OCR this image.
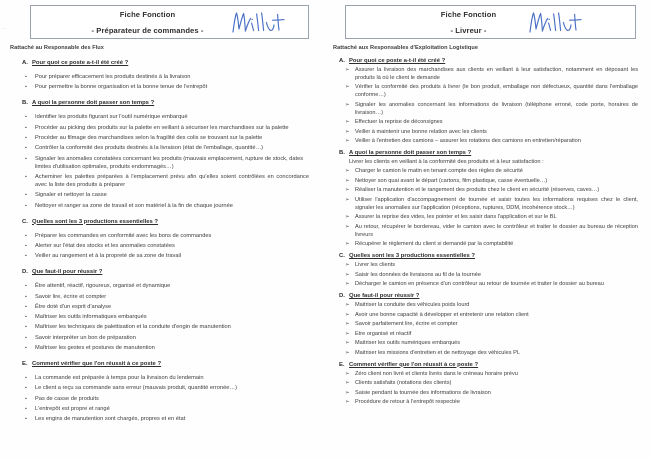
Fiche Fonction
- Préparateur de commandes -
Rattaché au Responsable des Flux
A. Pour quoi ce poste a-t-il été créé ?
▪	Pour préparer efficacement les produits destinés à la livraison
▪	Pour permettre la bonne organisation et la bonne tenue de l'entrepôt
B. A quoi la personne doit passer son temps ?
▪	Identifier les produits figurant sur l'outil numérique embarqué
▪	Procéder au picking des produits sur la palette en veillant à sécuriser les marchandises sur la palette
▪	Procéder au filmage des marchandises selon la fragilité des colis se trouvant sur la palette
▪	Contrôler la conformité des produits destinés à la livraison (état de l'emballage, quantité…)
▪	Signaler les anomalies constatées concernant les produits (mauvais emplacement, rupture de stock, dates limites d'utilisation optimales, produits endommagés…)
▪	Acheminer les palettes préparées à l'emplacement prévu afin qu'elles soient contrôlées en concordance avec la liste des produits à préparer
▪	Signaler et nettoyer la casse
▪	Nettoyer et ranger sa zone de travail et son matériel à la fin de chaque journée
C. Quelles sont les 3 productions essentielles ?
▪	Préparer les commandes en conformité avec les bons de commandes
▪	Alerter sur l'état des stocks et les anomalies constatées
▪	Veiller au rangement et à la propreté de sa zone de travail
D. Que faut-il pour réussir ?
▪	Être attentif, réactif, rigoureux, organisé et dynamique
▪	Savoir lire, écrire et compter
▪	Être doté d'un esprit d'analyse
▪	Maîtriser les outils informatiques embarqués
▪	Maîtriser les techniques de palettisation et la conduite d'engin de manutention
▪	Savoir interpréter un bon de préparation
▪	Maîtriser les gestes et postures de manutention
E. Comment vérifier que l'on réussit à ce poste ?
▪	La commande est préparée à temps pour la livraison du lendemain
▪	Le client a reçu sa commande sans erreur (mauvais produit, quantité erronée…)
▪	Pas de casse de produits
▪	L'entrepôt est propre et rangé
▪	Les engins de manutention sont chargés, propres et en état
Fiche Fonction
- Livreur -
Rattaché aux Responsables d'Exploitation Logistique
A. Pour quoi ce poste a-t-il été créé ?
➢ Assurer la livraison des marchandises aux clients en veillant à leur satisfaction, notamment en déposant les produits là où le client le demande
➢ Vérifier la conformité des produits à livrer (le bon produit, emballage non défectueux, quantité dans l'emballage conforme…)
➢ Signaler les anomalies concernant les informations de livraison (téléphone erroné, code porte, horaires de livraison…)
➢ Effectuer la reprise de déconsignes
➢ Veiller à maintenir une bonne relation avec les clients
➢ Veiller à l'entretien des camions – assurer les rotations des camions en entretien/réparation
B. A quoi la personne doit passer son temps ?
Livrer les clients en veillant à la conformité des produits et à leur satisfaction :
➢ Charger le camion le matin en tenant compte des règles de sécurité
➢ Nettoyer son quai avant le départ (cartons, film plastique, casse éventuelle…)
➢ Réaliser la manutention et le rangement des produits chez le client en sécurité (réserves, caves…)
➢ Utiliser l'application d'accompagnement de tournée et saisir toutes les informations requises chez le client, signaler les anomalies sur l'application (réceptions, ruptures, DDM, incohérence stock…)
➢ Assurer la reprise des vides, les pointer et les saisir dans l'application et sur le BL
➢ Au retour, récupérer le bordereau, vider le camion avec le contrôleur et traiter le dossier au bureau de réception livreurs
➢ Récupérer le règlement du client si demandé par la comptabilité
C. Quelles sont les 3 productions essentielles ?
➢ Livrer les clients
➢ Saisir les données de livraisons au fil de la tournée
➢ Décharger le camion en présence d'un contrôleur au retour de tournée et traiter le dossier au bureau
D. Que faut-il pour réussir ?
➢ Maitriser la conduite des véhicules poids lourd
➢ Avoir une bonne capacité à développer et entretenir une relation client
➢ Savoir parfaitement lire, écrire et compter
➢ Etre organisé et réactif
➢ Maitriser les outils numériques embarqués
➢ Maitriser les missions d'entretien et de nettoyage des véhicules PL
E. Comment vérifier que l'on réussit à ce poste ?
➢ Zéro client non livré et clients livrés dans le créneau horaire prévu
➢ Clients satisfaits (notations des clients)
➢ Saisie pendant la tournée des informations de livraison
➢ Procédure de retour à l'entrepôt respectée
